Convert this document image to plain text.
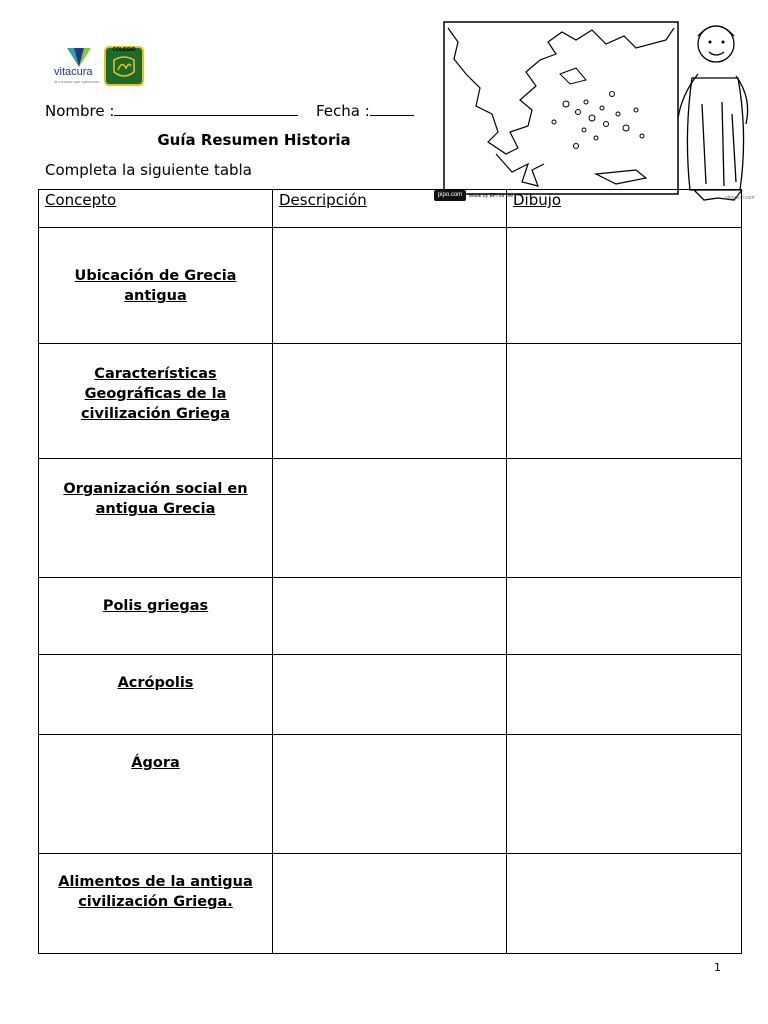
vitacura
la comuna que queremos
COLEGIO
Nombre :	Fecha :
Guía Resumen Historia
Completa la siguiente tabla
pipo.com	Made by EPI for the	pipoclub.com
Concepto	Descripción	Dibujo

Ubicación de Grecia antigua		
Características Geográficas de la civilización Griega		
Organización social en antigua Grecia		
Polis griegas		
Acrópolis		
Ágora		
Alimentos de la antigua civilización Griega.		
1
